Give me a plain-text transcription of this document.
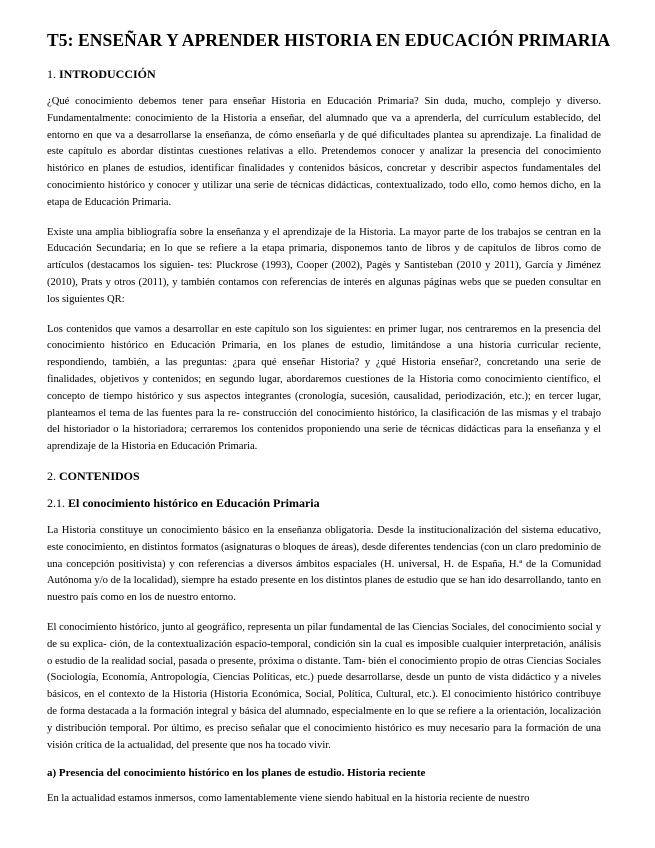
T5: ENSEÑAR Y APRENDER HISTORIA EN EDUCACIÓN PRIMARIA
1. INTRODUCCIÓN

¿Qué conocimiento debemos tener para enseñar Historia en Educación Primaria? Sin duda, mucho, complejo y diverso. Fundamentalmente: conocimiento de la Historia a enseñar, del alumnado que va a aprenderla, del currículum establecido, del entorno en que va a desarrollarse la enseñanza, de cómo enseñarla y de qué dificultades plantea su aprendizaje. La finalidad de este capítulo es abordar distintas cuestiones relativas a ello. Pretendemos conocer y analizar la presencia del conocimiento histórico en planes de estudios, identificar finalidades y contenidos básicos, concretar y describir aspectos fundamentales del conocimiento histórico y conocer y utilizar una serie de técnicas didácticas, contextualizado, todo ello, como hemos dicho, en la etapa de Educación Primaria.

Existe una amplia bibliografía sobre la enseñanza y el aprendizaje de la Historia. La mayor parte de los trabajos se centran en la Educación Secundaria; en lo que se refiere a la etapa primaria, disponemos tanto de libros y de capítulos de libros como de artículos (destacamos los siguien- tes: Pluckrose (1993), Cooper (2002), Pagès y Santisteban (2010 y 2011), García y Jiménez (2010), Prats y otros (2011), y también contamos con referencias de interés en algunas páginas webs que se pueden consultar en los siguientes QR:

Los contenidos que vamos a desarrollar en este capítulo son los siguientes: en primer lugar, nos centraremos en la presencia del conocimiento histórico en Educación Primaria, en los planes de estudio, limitándose a una historia curricular reciente, respondiendo, también, a las preguntas: ¿para qué enseñar Historia? y ¿qué Historia enseñar?, concretando una serie de finalidades, objetivos y contenidos; en segundo lugar, abordaremos cuestiones de la Historia como conocimiento científico, el concepto de tiempo histórico y sus aspectos integrantes (cronología, sucesión, causalidad, periodización, etc.); en tercer lugar, planteamos el tema de las fuentes para la re- construcción del conocimiento histórico, la clasificación de las mismas y el trabajo del historiador o la historiadora; cerraremos los contenidos proponiendo una serie de técnicas didácticas para la enseñanza y el aprendizaje de la Historia en Educación Primaria.

2. CONTENIDOS
2.1. El conocimiento histórico en Educación Primaria

La Historia constituye un conocimiento básico en la enseñanza obligatoria. Desde la institucionalización del sistema educativo, este conocimiento, en distintos formatos (asignaturas o bloques de áreas), desde diferentes tendencias (con un claro predominio de una concepción positivista) y con referencias a diversos ámbitos espaciales (H. universal, H. de España, H.ª de la Comunidad Autónoma y/o de la localidad), siempre ha estado presente en los distintos planes de estudio que se han ido desarrollando, tanto en nuestro país como en los de nuestro entorno.

El conocimiento histórico, junto al geográfico, representa un pilar fundamental de las Ciencias Sociales, del conocimiento social y de su explica- ción, de la contextualización espacio-temporal, condición sin la cual es imposible cualquier interpretación, análisis o estudio de la realidad social, pasada o presente, próxima o distante. Tam- bién el conocimiento propio de otras Ciencias Sociales (Sociología, Economía, Antropología, Ciencias Políticas, etc.) puede desarrollarse, desde un punto de vista didáctico y a niveles básicos, en el contexto de la Historia (Historia Económica, Social, Política, Cultural, etc.). El conocimiento histórico contribuye de forma destacada a la formación integral y básica del alumnado, especialmente en lo que se refiere a la orientación, localización y distribución temporal. Por último, es preciso señalar que el conocimiento histórico es muy necesario para la formación de una visión crítica de la actualidad, del presente que nos ha tocado vivir.

a) Presencia del conocimiento histórico en los planes de estudio. Historia reciente

En la actualidad estamos inmersos, como lamentablemente viene siendo habitual en la historia reciente de nuestro
